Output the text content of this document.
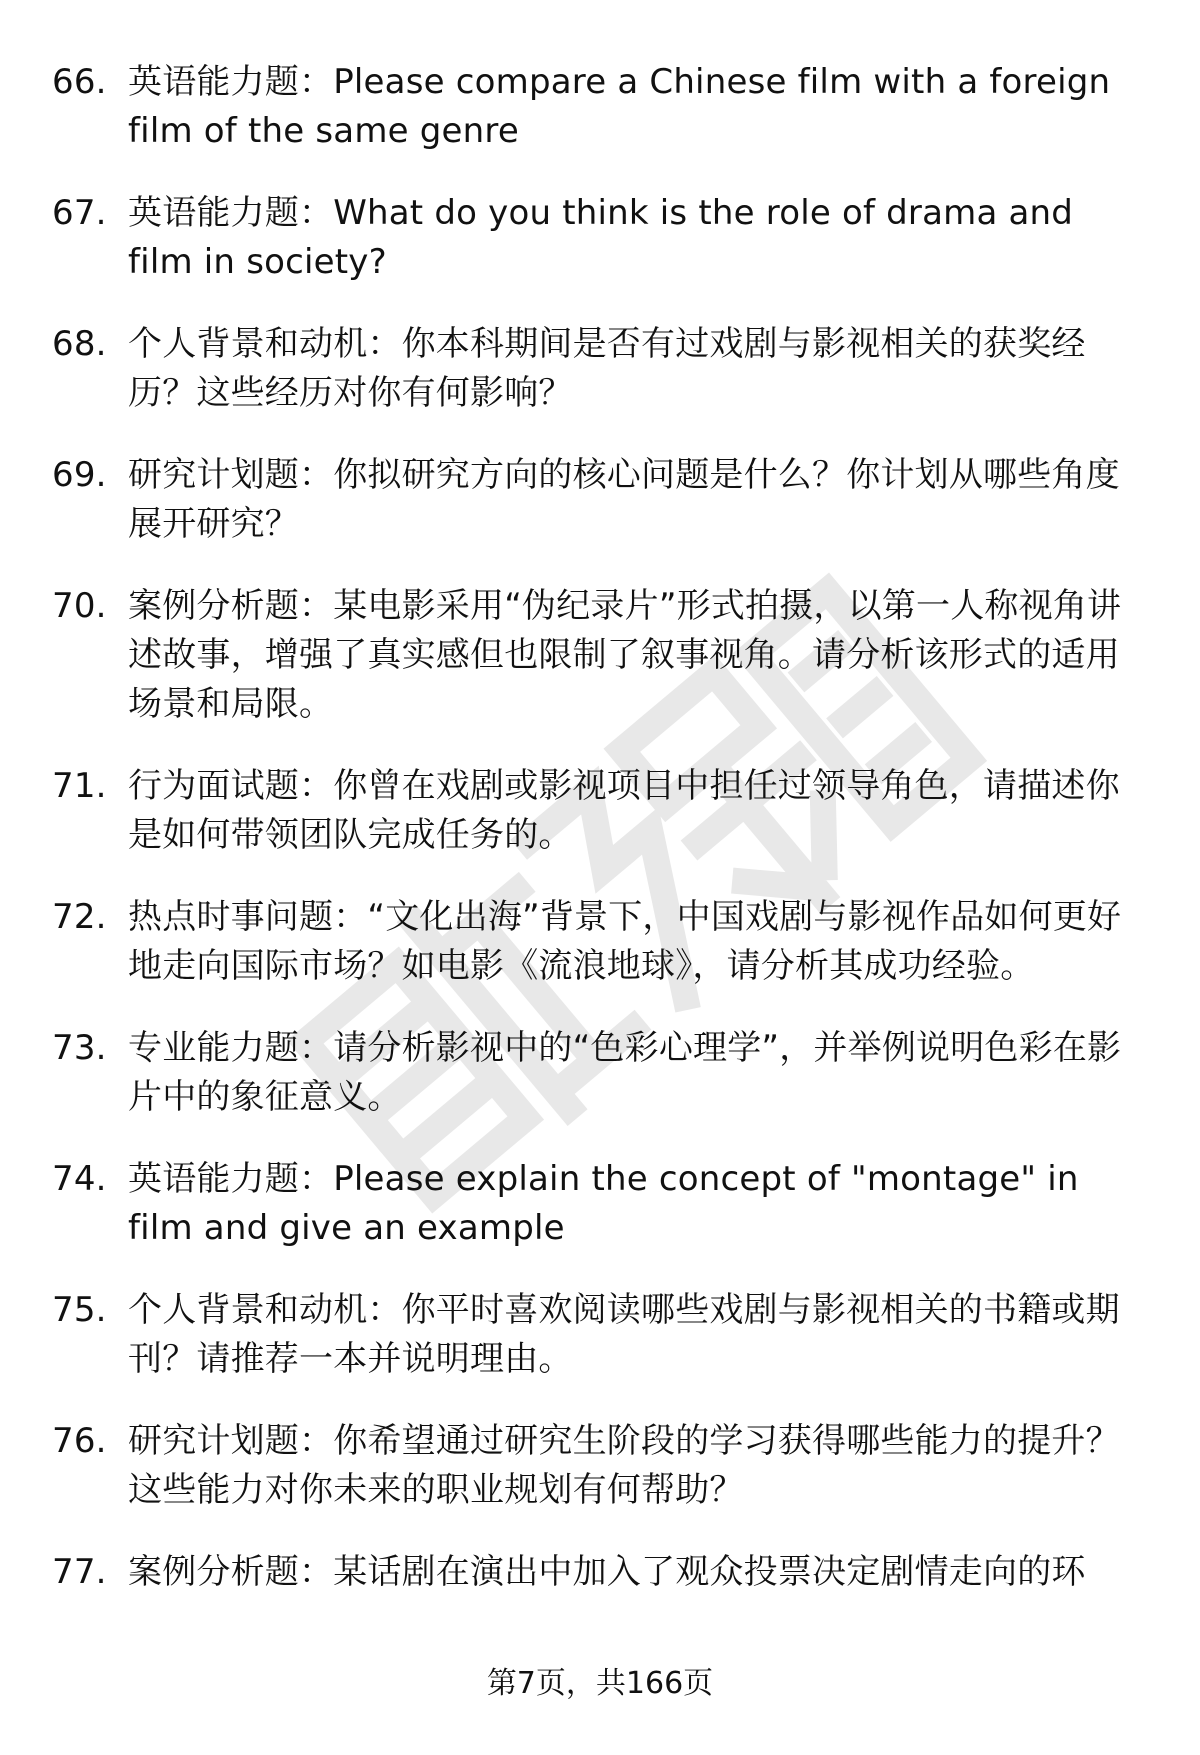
66. 英语能力题：Please compare a Chinese film with a foreign film of the same genre
67. 英语能力题：What do you think is the role of drama and film in society?
68. 个人背景和动机：你本科期间是否有过戏剧与影视相关的获奖经历？这些经历对你有何影响？
69. 研究计划题：你拟研究方向的核心问题是什么？你计划从哪些角度展开研究？
70. 案例分析题：某电影采用“伪纪录片”形式拍摄，以第一人称视角讲述故事，增强了真实感但也限制了叙事视角。请分析该形式的适用场景和局限。
71. 行为面试题：你曾在戏剧或影视项目中担任过领导角色，请描述你是如何带领团队完成任务的。
72. 热点时事问题：“文化出海”背景下，中国戏剧与影视作品如何更好地走向国际市场？如电影《流浪地球》，请分析其成功经验。
73. 专业能力题：请分析影视中的“色彩心理学”，并举例说明色彩在影片中的象征意义。
74. 英语能力题：Please explain the concept of "montage" in film and give an example
75. 个人背景和动机：你平时喜欢阅读哪些戏剧与影视相关的书籍或期刊？请推荐一本并说明理由。
76. 研究计划题：你希望通过研究生阶段的学习获得哪些能力的提升？这些能力对你未来的职业规划有何帮助？
77. 案例分析题：某话剧在演出中加入了观众投票决定剧情走向的环
第7页，共166页
